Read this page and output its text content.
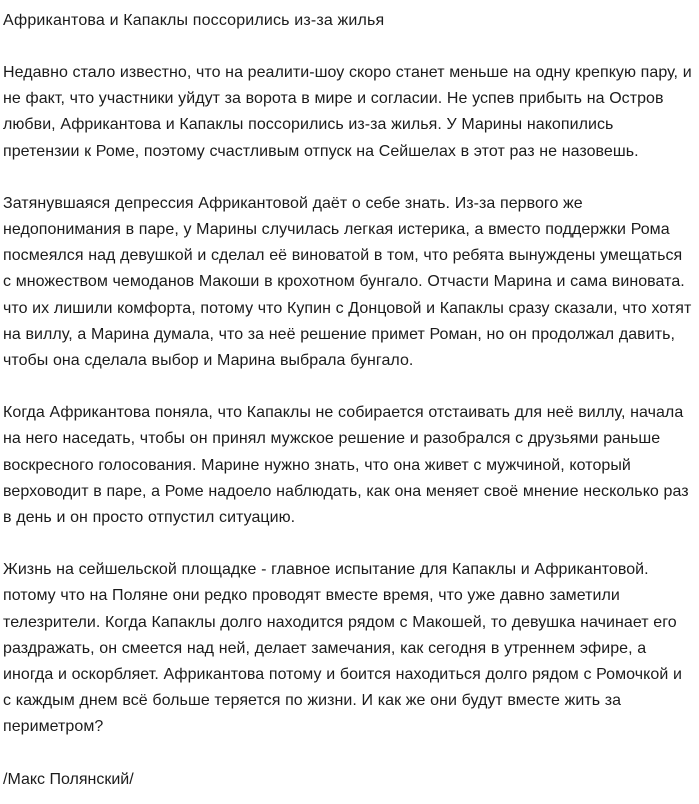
Африкантова и Капаклы поссорились из-за жилья

Недавно стало известно, что на реалити-шоу скоро станет меньше на одну крепкую пару, и не факт, что участники уйдут за ворота в мире и согласии. Не успев прибыть на Остров любви, Африкантова и Капаклы поссорились из-за жилья. У Марины накопились претензии к Роме, поэтому счастливым отпуск на Сейшелах в этот раз не назовешь.

Затянувшаяся депрессия Африкантовой даёт о себе знать. Из-за первого же недопонимания в паре, у Марины случилась легкая истерика, а вместо поддержки Рома посмеялся над девушкой и сделал её виноватой в том, что ребята вынуждены умещаться с множеством чемоданов Макоши в крохотном бунгало. Отчасти Марина и сама виновата. что их лишили комфорта, потому что Купин с Донцовой и Капаклы сразу сказали, что хотят на виллу, а Марина думала, что за неё решение примет Роман, но он продолжал давить, чтобы она сделала выбор и Марина выбрала бунгало.

Когда Африкантова поняла, что Капаклы не собирается отстаивать для неё виллу, начала на него наседать, чтобы он принял мужское решение и разобрался с друзьями раньше воскресного голосования. Марине нужно знать, что она живет с мужчиной, который верховодит в паре, а Роме надоело наблюдать, как она меняет своё мнение несколько раз в день и он просто отпустил ситуацию.

Жизнь на сейшельской площадке - главное испытание для Капаклы и Африкантовой. потому что на Поляне они редко проводят вместе время, что уже давно заметили телезрители. Когда Капаклы долго находится рядом с Макошей, то девушка начинает его раздражать, он смеется над ней, делает замечания, как сегодня в утреннем эфире, а иногда и оскорбляет. Африкантова потому и боится находиться долго рядом с Ромочкой и с каждым днем всё больше теряется по жизни. И как же они будут вместе жить за периметром?

/Макс Полянский/
